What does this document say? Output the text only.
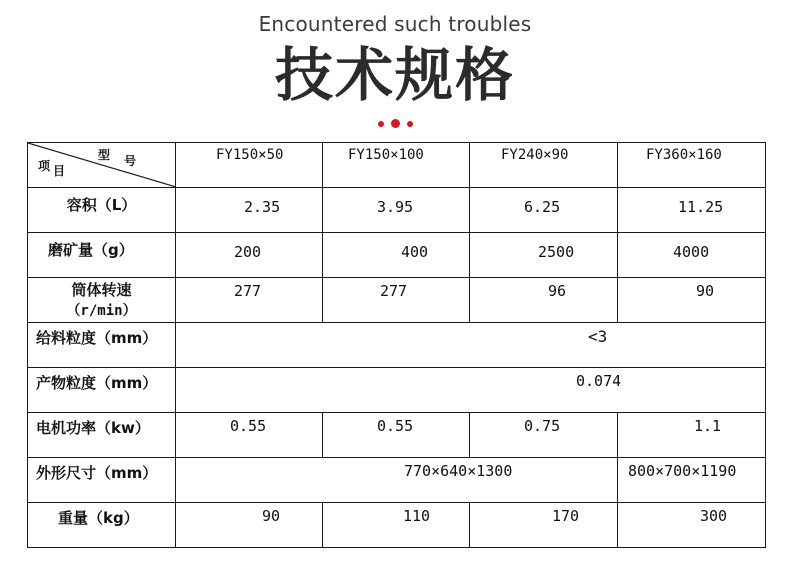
Encountered such troubles
技术规格
型 号
项 目	FY150×50	FY150×100	FY240×90	FY360×160

容积（L）	2.35	3.95	6.25	11.25

磨矿量（g）	200	400	2500	4000

筒体转速
（r/min）	277	277	96	90

给料粒度（mm）	<3			

产物粒度（mm）	0.074			

电机功率（kw）	0.55	0.55	0.75	1.1

外形尺寸（mm）	770×640×1300			800×700×1190

重量（kg）	90	110	170	300
